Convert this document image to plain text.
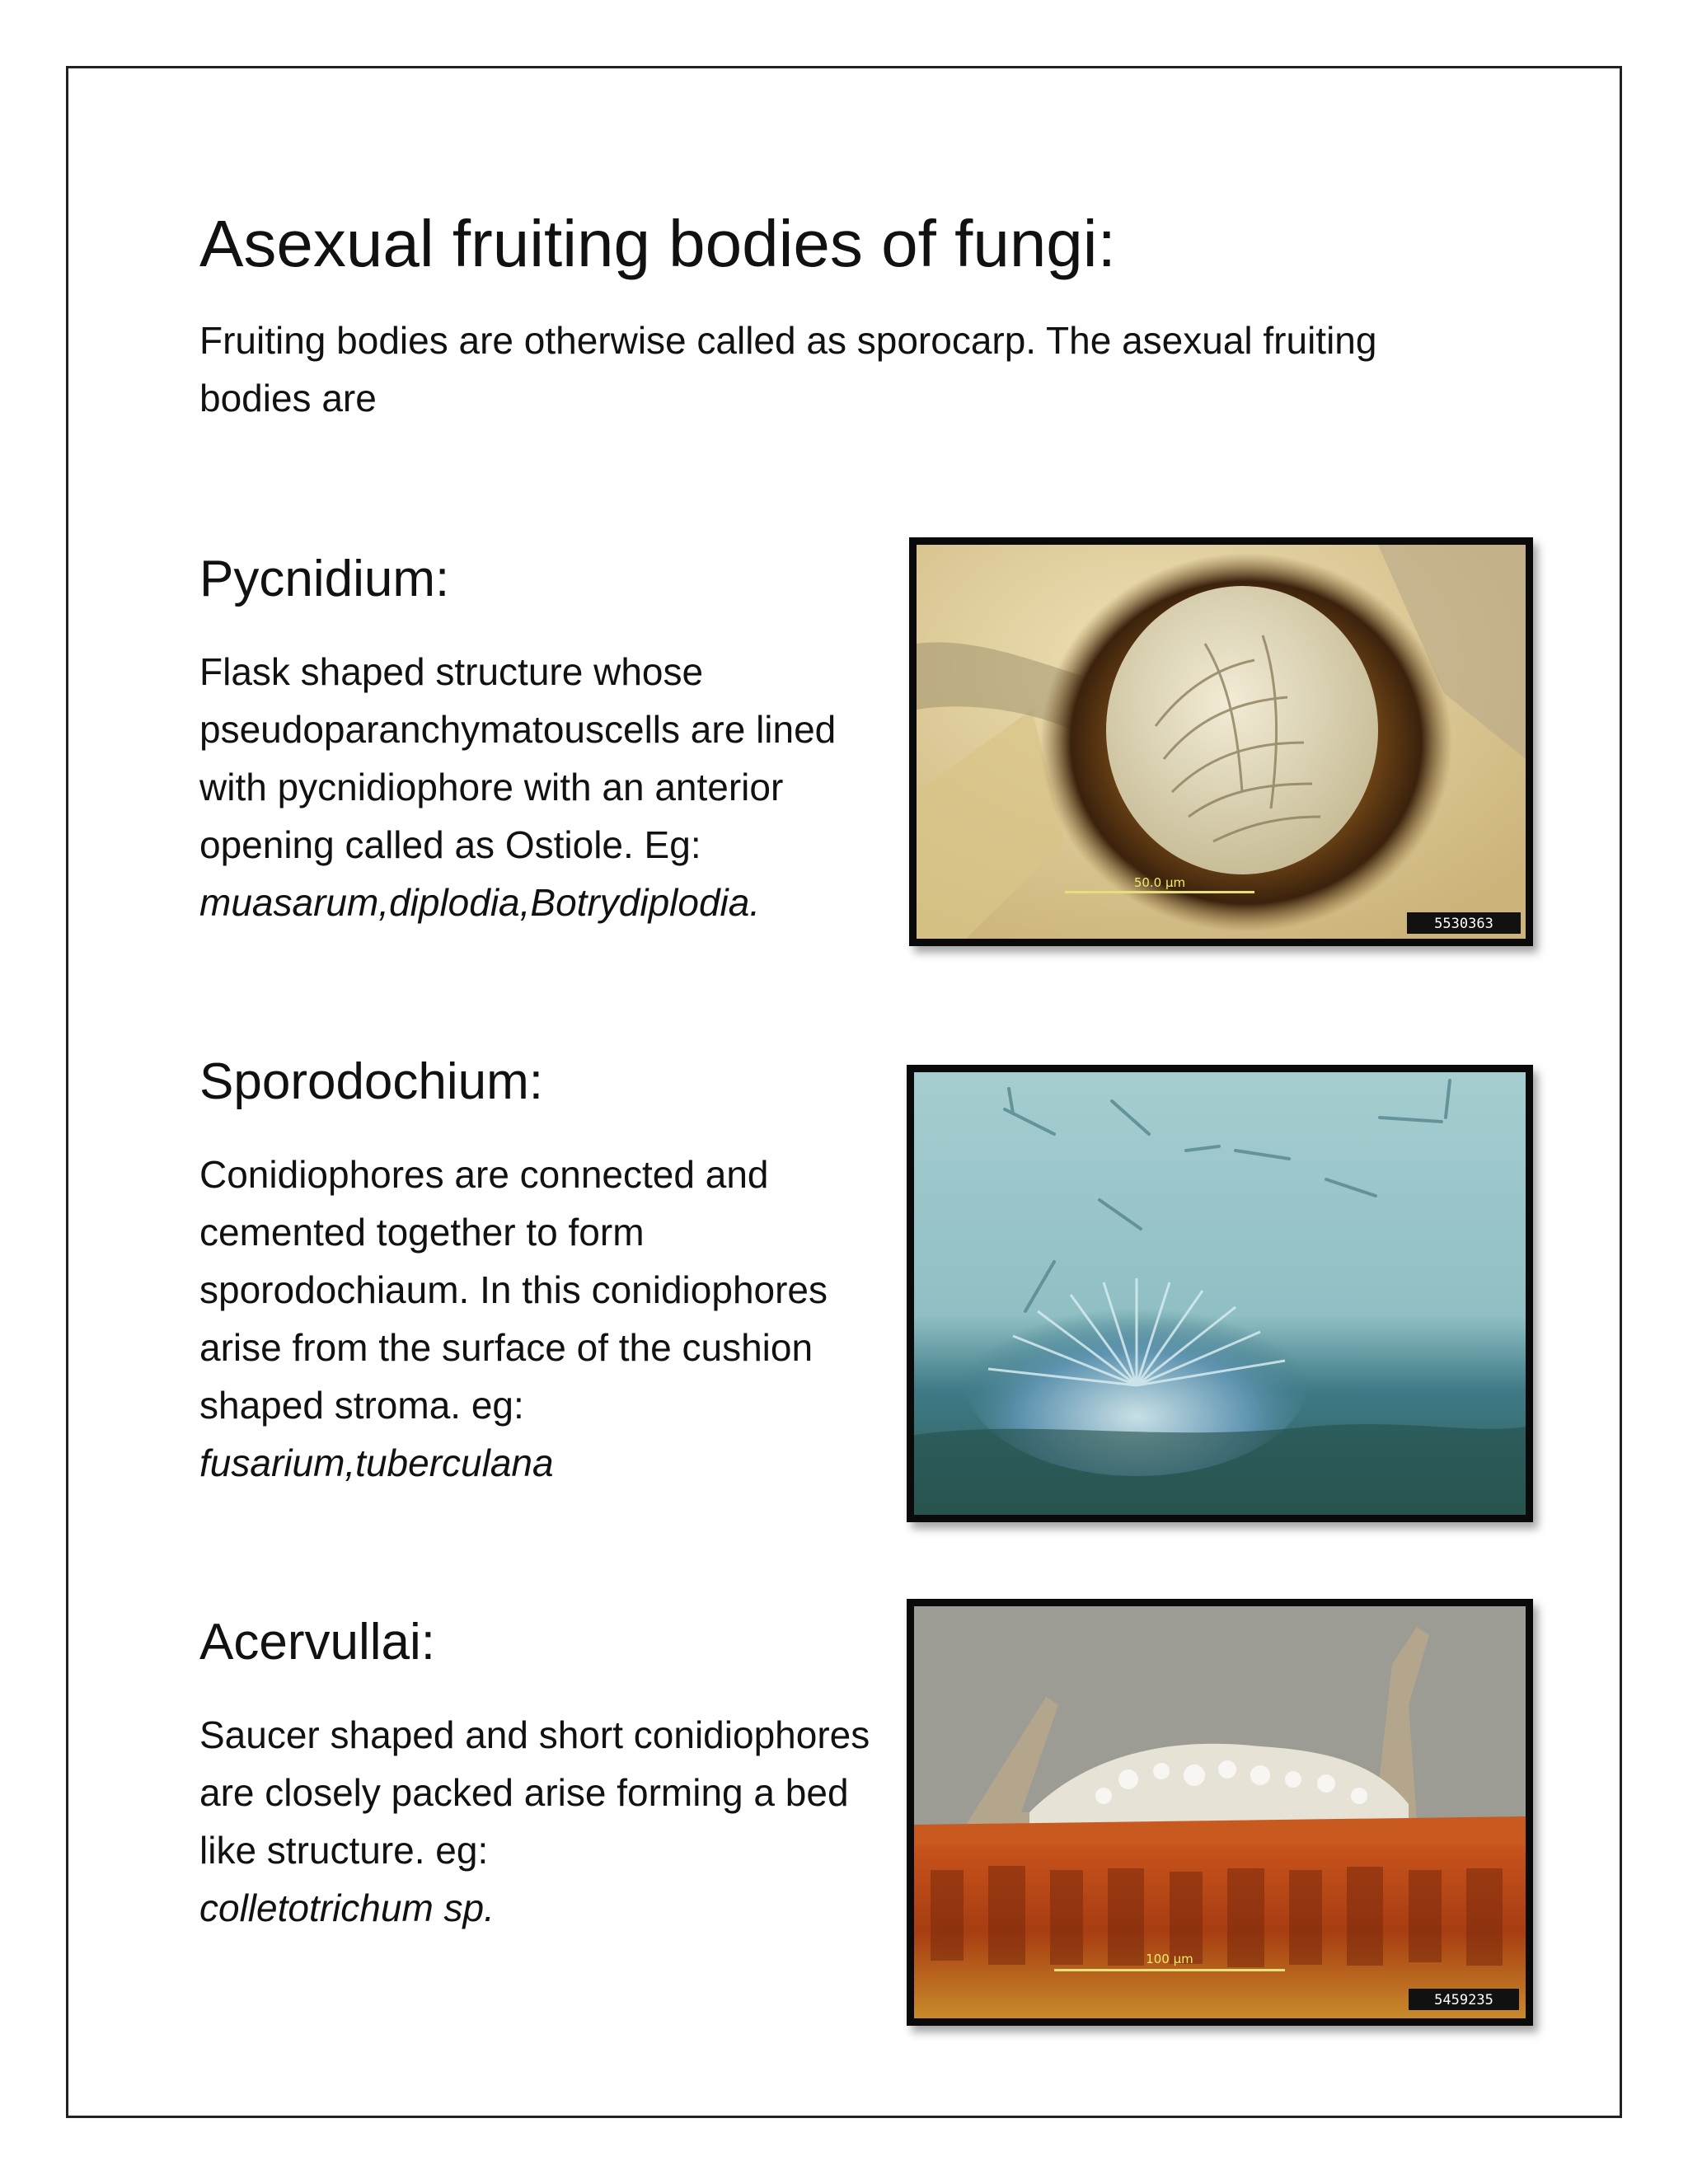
Asexual fruiting bodies of fungi:

Fruiting bodies are otherwise called as sporocarp. The asexual fruiting bodies are

Pycnidium:

Flask shaped structure whose pseudoparanchymatouscells are lined with pycnidiophore with an anterior opening called as Ostiole. Eg:
muasarum,diplodia,Botrydiplodia.	50.0 µm
5530363
Sporodochium:

Conidiophores are connected and cemented together to form sporodochiaum. In this conidiophores arise from the surface of the cushion shaped stroma. eg:
fusarium,tuberculana

Acervullai:

Saucer shaped and short conidiophores are closely packed arise forming a bed like structure. eg:
colletotrichum sp.

100 µm
5459235
